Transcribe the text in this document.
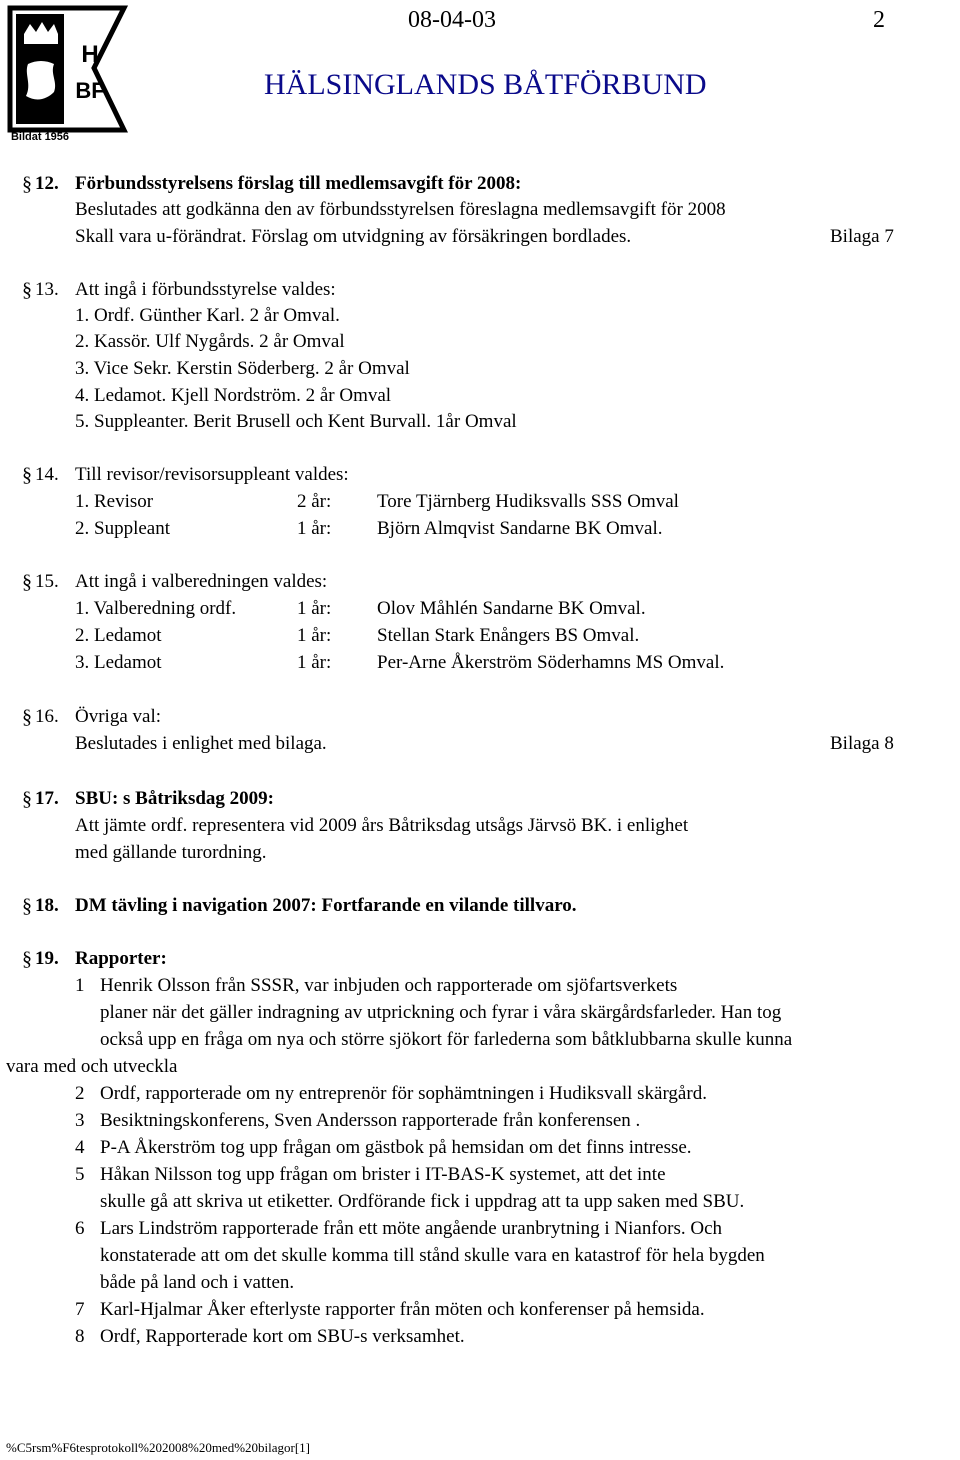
H
BF
Bildat 1956
08-04-03	2
HÄLSINGLANDS BÅTFÖRBUND
§ 12. Förbundsstyrelsens förslag till medlemsavgift för 2008:
Beslutades att godkänna den av förbundsstyrelsen föreslagna medlemsavgift för 2008
Skall vara u-förändrat. Förslag om utvidgning av försäkringen bordlades.	Bilaga 7
§ 13. Att ingå i förbundsstyrelse valdes:
1. Ordf. Günther Karl. 2 år Omval.
2. Kassör. Ulf Nygårds. 2 år Omval
3. Vice Sekr. Kerstin Söderberg. 2 år Omval
4. Ledamot. Kjell Nordström. 2 år Omval
5. Suppleanter. Berit Brusell och Kent Burvall. 1år Omval
§ 14. Till revisor/revisorsuppleant valdes:
1. Revisor	2 år: Tore Tjärnberg Hudiksvalls SSS Omval
2. Suppleant	1 år: Björn Almqvist Sandarne BK Omval.
§ 15. Att ingå i valberedningen valdes:
1. Valberedning ordf.	1 år: Olov Måhlén Sandarne BK Omval.
2. Ledamot	1 år: Stellan Stark Enångers BS Omval.
3. Ledamot	1 år: Per-Arne Åkerström Söderhamns MS Omval.
§ 16. Övriga val:
Beslutades i enlighet med bilaga.	Bilaga 8
§ 17. SBU: s Båtriksdag 2009:
Att jämte ordf. representera vid 2009 års Båtriksdag utsågs Järvsö BK. i enlighet
med gällande turordning.
§ 18. DM tävling i navigation 2007: Fortfarande en vilande tillvaro.
§ 19. Rapporter:
1 Henrik Olsson från SSSR, var inbjuden och rapporterade om sjöfartsverkets
planer när det gäller indragning av utprickning och fyrar i våra skärgårdsfarleder. Han tog
också upp en fråga om nya och större sjökort för farlederna som båtklubbarna skulle kunna
vara med och utveckla
2 Ordf, rapporterade om ny entreprenör för sophämtningen i Hudiksvall skärgård.
3 Besiktningskonferens, Sven Andersson rapporterade från konferensen .
4 P-A Åkerström tog upp frågan om gästbok på hemsidan om det finns intresse.
5 Håkan Nilsson tog upp frågan om brister i IT-BAS-K systemet, att det inte
skulle gå att skriva ut etiketter. Ordförande fick i uppdrag att ta upp saken med SBU.
6 Lars Lindström rapporterade från ett möte angående uranbrytning i Nianfors. Och
konstaterade att om det skulle komma till stånd skulle vara en katastrof för hela bygden
både på land och i vatten.
7 Karl-Hjalmar Åker efterlyste rapporter från möten och konferenser på hemsida.
8 Ordf, Rapporterade kort om SBU-s verksamhet.
%C5rsm%F6tesprotokoll%202008%20med%20bilagor[1]
